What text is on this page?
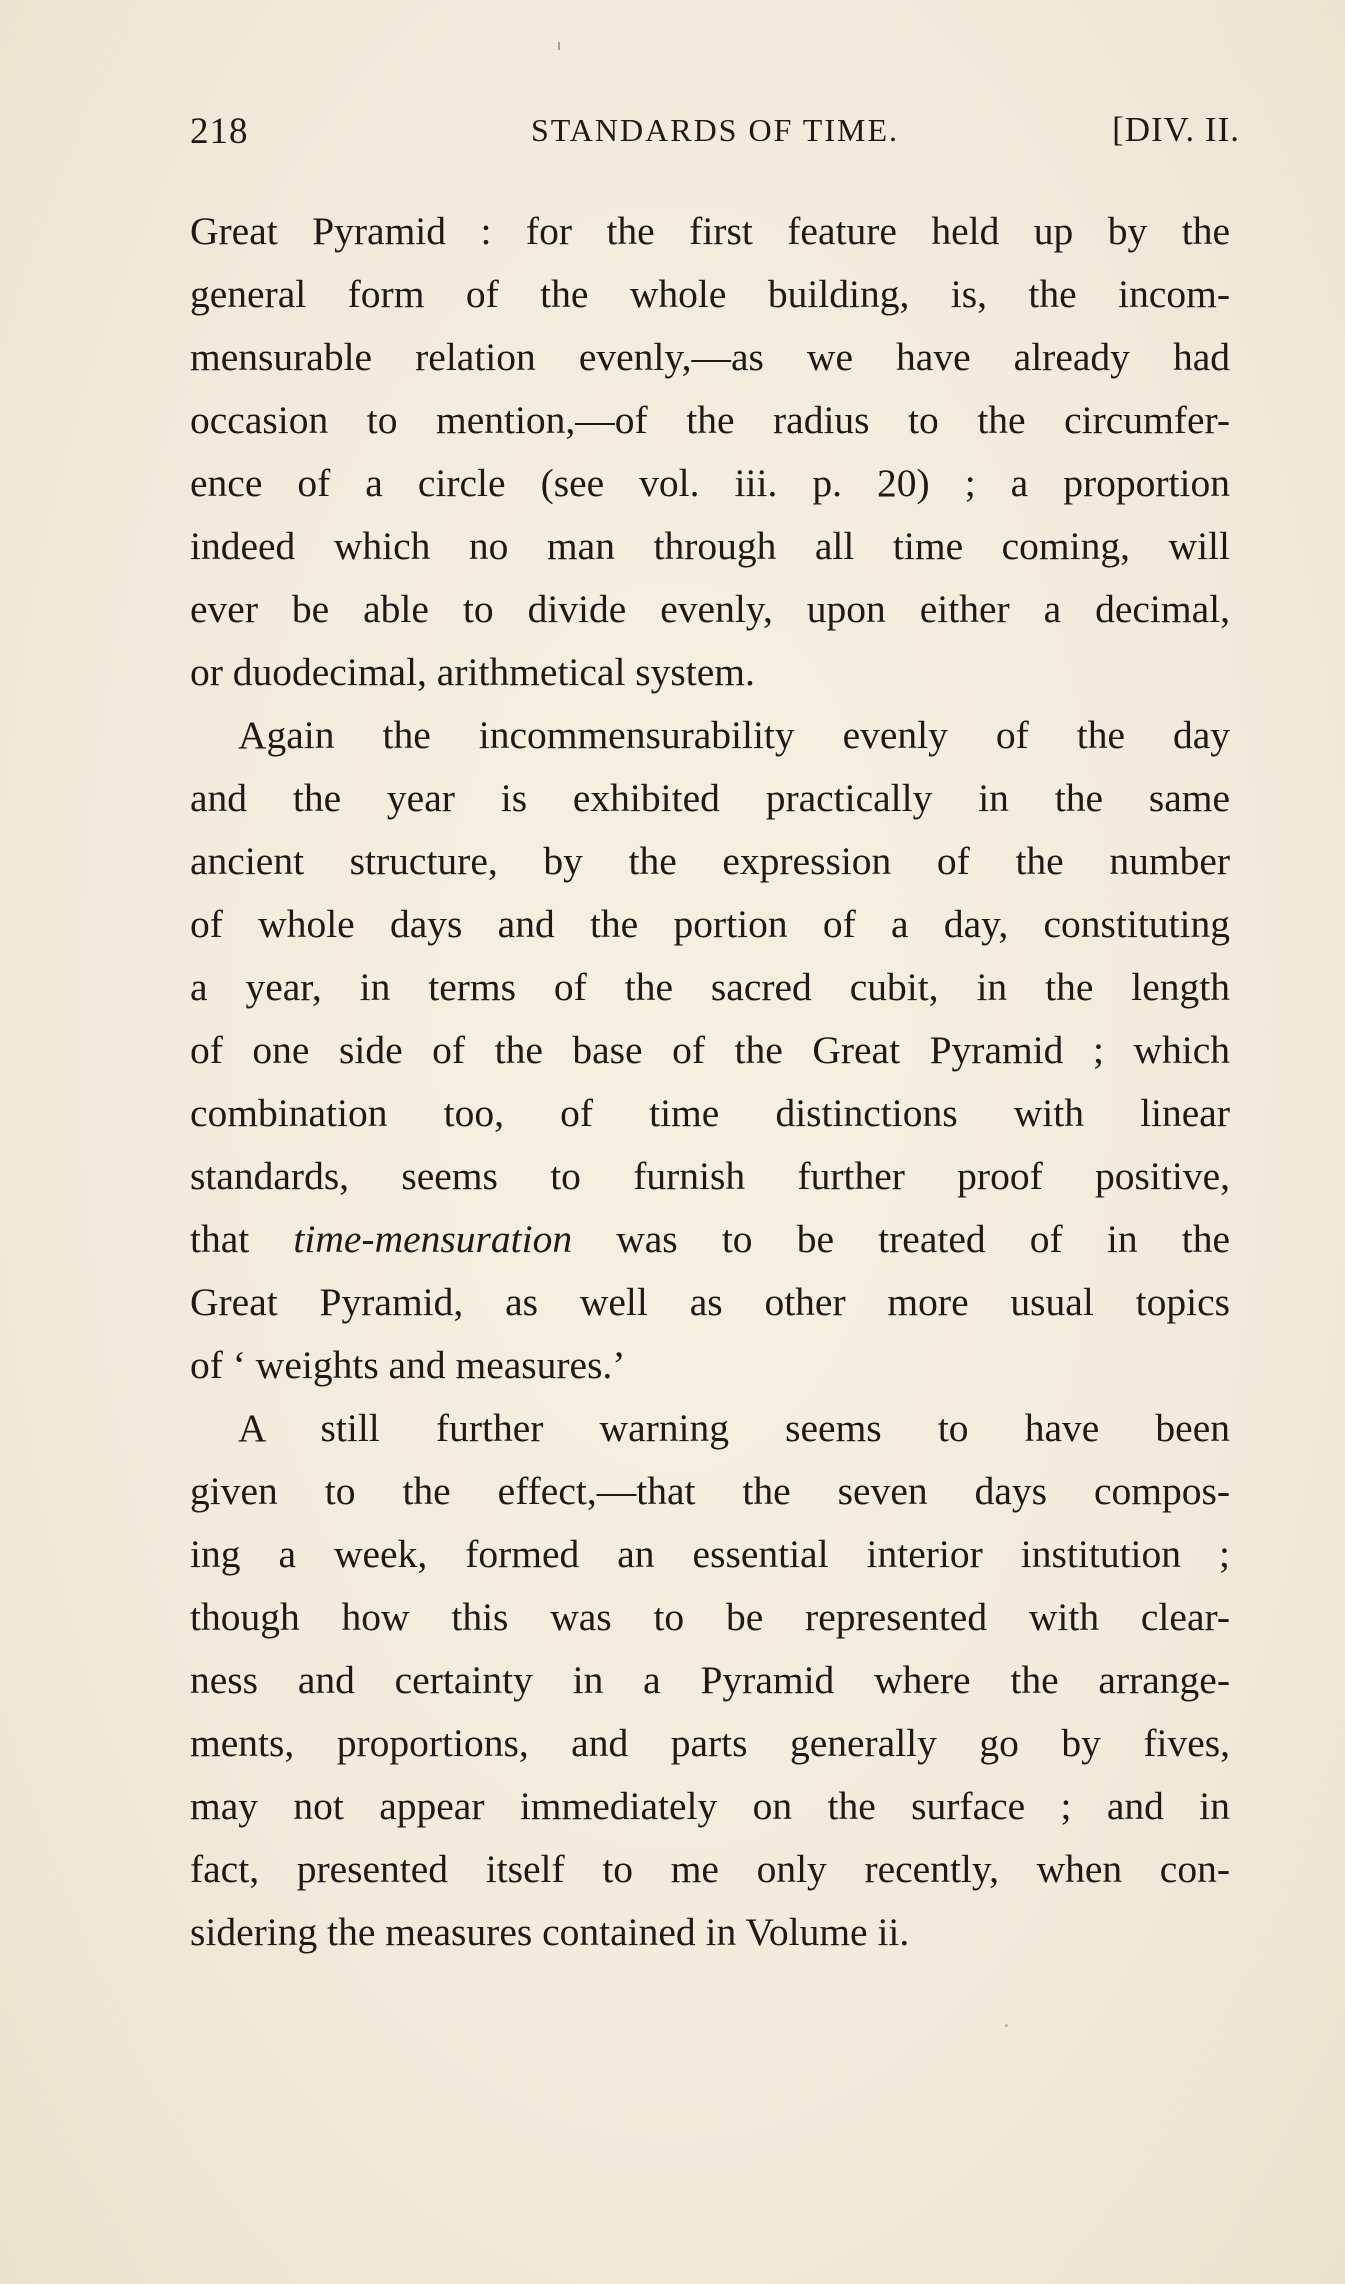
218	STANDARDS OF TIME.	[DIV. II.
Great Pyramid : for the first feature held up by the
general form of the whole building, is, the incom-
mensurable relation evenly,—as we have already had
occasion to mention,—of the radius to the circumfer-
ence of a circle (see vol. iii. p. 20) ; a proportion
indeed which no man through all time coming, will
ever be able to divide evenly, upon either a decimal,
or duodecimal, arithmetical system.
Again the incommensurability evenly of the day
and the year is exhibited practically in the same
ancient structure, by the expression of the number
of whole days and the portion of a day, constituting
a year, in terms of the sacred cubit, in the length
of one side of the base of the Great Pyramid ; which
combination too, of time distinctions with linear
standards, seems to furnish further proof positive,
that time-mensuration was to be treated of in the
Great Pyramid, as well as other more usual topics
of ‘ weights and measures.’
A still further warning seems to have been
given to the effect,—that the seven days compos-
ing a week, formed an essential interior institution ;
though how this was to be represented with clear-
ness and certainty in a Pyramid where the arrange-
ments, proportions, and parts generally go by fives,
may not appear immediately on the surface ; and in
fact, presented itself to me only recently, when con-
sidering the measures contained in Volume ii.
